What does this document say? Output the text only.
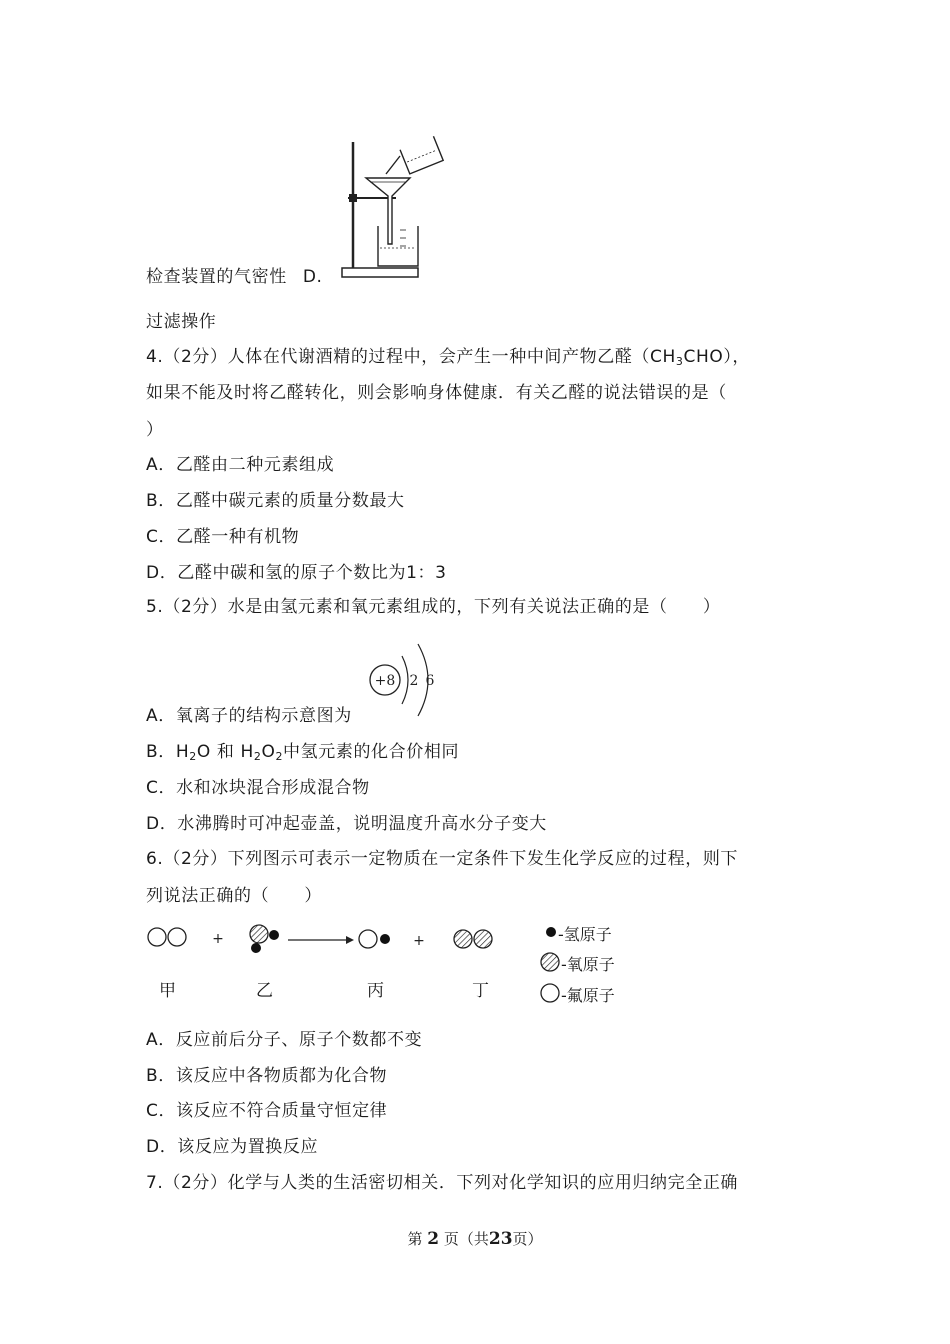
检查装置的气密性 D.
过滤操作
4.（2分）人体在代谢酒精的过程中，会产生一种中间产物乙醛$(CH_3CHO)$，
如果不能及时将乙醛转化，则会影响身体健康．有关乙醛的说法错误的是（
）
A．乙醛由二种元素组成
B．乙醛中碳元素的质量分数最大
C．乙醛一种有机物
D．乙醛中碳和氢的原子个数比为1：3
5.（2分）水是由氢元素和氧元素组成的，下列有关说法正确的是（　　）
+8 2 6
A．氧离子的结构示意图为
B．$H_2O$ 和 $H_2O_2$中氢元素的化合价相同
C．水和冰块混合形成混合物
D．水沸腾时可冲起壶盖，说明温度升高水分子变大
6.（2分）下列图示可表示一定物质在一定条件下发生化学反应的过程，则下
列说法正确的（　　）
+	+
甲	乙	丙	丁
-氢原子
-氧原子
-氟原子
A．反应前后分子、原子个数都不变
B．该反应中各物质都为化合物
C．该反应不符合质量守恒定律
D．该反应为置换反应
7.（2分）化学与人类的生活密切相关．下列对化学知识的应用归纳完全正确
第 2 页（共23页）
